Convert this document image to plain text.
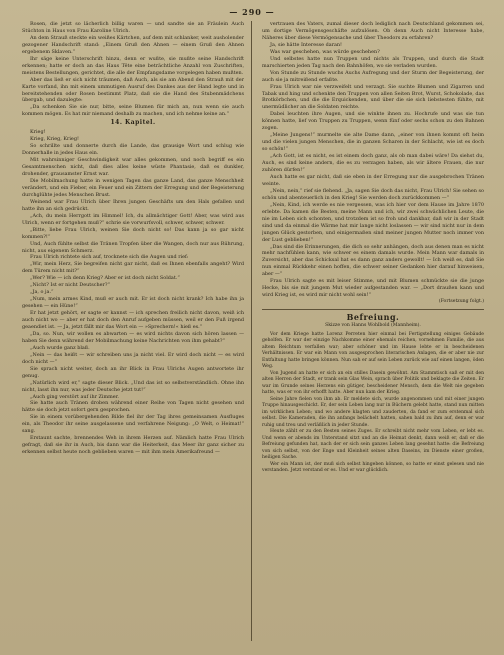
— 290 —

Rosen, die jetzt so lächerlich billig waren — und sandte sie an Fräulein Auch Stüchton in Haus von Frau Karoline Ulrich.

An dem Strauß steckte ein weißes Kärtchen, auf dem mit schlanker, weit ausholender gezogener Handschrift stand: „Einem Gruß den Ahnen — einem Gruß den Ahnen ergebenem Sklaven.“

Ihr säge keine Unterschrift hinzu, denn er wußte, sie mußte seine Handschrift erkennen; hatte er doch an das Haus Tête eine beträchtliche Anzahl von Zuschriften, meistens Bestellungen, gerichtet, die alle der Empfangsdame vorgelegen haben mußten.

Aber das ließ er sich nicht träumen, daß Auch, als sie am Abend den Strauß mit der Karte vorfand, ihn mit einem ummutigen Ausruf des Dankes aus der Hand legte und in bereitstehenden oder Rosen bestimmt Platz, daß sie die Hand des Stubenmädchens übergab, und dazulegte:

„Da schenken Sie sie nur, bitte, seine Blumen für mich an, nun wenn sie auch kommen mögen. Es hat mir niemand deshalb zu machen, und ich nehme keine an.“

14. Kapitel.

Krieg!

Krieg, Krieg, Krieg!

So schrillte und donnerte durch die Lande, das grausige Wort und schlug wie Donnerhalle in jedes Haus ein.

Mit wahrsinniger Geschwindigkeit war alles gekommen, und noch begriff es ein Gesamtmenschen nicht, daß dies alles keine wüste Phantasie, daß es dunkler, drohender, grausamster Ernst war.

Die Mobilmachung hatte in wenigen Tagen das ganze Land, das ganze Menschheit verändert, und ein Fieber, ein Feuer und ein Zittern der Erregung und der Begeisterung durchglühte jedes Menschen Brust.

Weinend war Frau Ulrich über Ihren jungen Geschäfts um den Hals gefallen und hatte ihn an sich gedrückt.

„Ach, du mein Herrgott im Himmel! Ich, du allmächtiger Gott! Aber, was wird aus Ulrich, wenn er fortgehen muß?“ schrie sie vorwurfsvoll, schwer, schwer, schwer.

„Bitte, liebe Frau Ulrich, weinen Sie doch nicht so! Das kann ja so gar nicht kommen?!“

Und, Auch fühlte selbst die Tränen Tropfen über die Wangen, doch nur aus Rührung, nicht, aus eigenem Schmerz.

Frau Ulrich richtete sich auf, trocknete sich die Augen und rief:

„Wir, mein Herz, Sie begreifen nicht gar nicht, daß es Ihnen ebenfalls angeht? Wird dem Türem nicht mit?“

„Wer? Wie — ich denn Krieg? Aber er ist doch nicht Soldat.“

„Nicht? Ist er nicht Deutscher?“

„Ja, o ja.“

„Num, mein armes Kind, muß er auch mit. Er ist doch nicht krank? Ich habe ihn ja gesehen — ein Hüne!“

Er hat jetzt gehört, er sagte er kannst — ich sprechen freilich nicht davon, weiß ich auch nicht wo — aber er hat doch den Anruf aufgeben müssen, weil er den Fuß irgend geaendiet ist. — Ja, jetzt fällt mir das Wort ein — »Sprechern!« hieß es.“

„Da, so. Nun, wir wollen es abwarten — es wird nichts davon sich hören lassen — haben Sie denn während der Mobilmachung keine Nachrichten von ihm gehabt?“

„Auch wurde ganz blaß.

„Nein — das heißt — wir schreiben uns ja nicht viel. Er wird doch nicht — es wird doch nicht —“

Sie sprach nicht weiter, doch an ihr Blick in Frau Ulrichs Augen antwortete ihr genug.

„Natürlich wird er,“ sagte dieser Blick. „Und das ist so selbstverständlich. Ohne ihn nicht, lasst ihn nur, was jeder Deutsche jetzt tut!“

„Auch ging verstört auf ihr Zimmer.

Sie hatte auch Tränen droben während einer Reihe von Tagen nicht gesehen und hätte sie doch jetzt sofort gern gesprochen.

Sie in einem vorübergehenden Bilde fiel ihr der Tag ihres gemeinsamen Ausfluges ein, als Theodor ihr seine ausgelassene und verfahrene Neigung: „O Welt, o Heimat!“ sang.

Erstaunt sachte, brennendes Weh in ihrem Herzen auf. Nämlich hatte Frau Ulrich gefragt, daß sie ihr in Auch, bis dann war die Heiterkeit, das Meer ihr ganz sicher zu erkennen selbst heute noch geblieben waren — mit ihm mein Amerikafreund —

vertrauen des Vaters, zumal dieser doch lediglich nach Deutschland gekommen sei, um dortige Vermögensgeschäfte aufzulösen. Ob denn Auch nicht Interesse habe, Näheres über diese Vermögensache und über Theodors zu erfahren?

Ja, sie hätte Interesse daran!

Was war geschehen, was würde geschehen?

Und selbstes hatte nun Truppen und nichts als Truppen, und durch die Stadt marschierten jeden Tag nach den Bahnhöfen, wo sie verladen wurden.

Von Stunde zu Stunde wuchs Auchs Aufregung und der Sturm der Begeisterung, der auch sie ja mitreißend erfaßte.

Frau Ulrich war nie verzweifelt und verzagt. Sie suchte Blumen und Zigarren und Tabak und hing und schenkte den Truppen von allen Seiten Brot, Wurst, Schokolade, das Brotkörbchen, und die die Erquickenden, und über die sie sich liebstesten fühlte, mit unermüdlicher an die Soldaten reichte.

Dabei leuchten ihre Augen, und sie winkte ihnen zu. Hochrufe und was sie tun können hatte, lief von Truppen zu Truppen, wenn fünf oder sechs schon zu den Bahnen zogen.

„Meine Jungens!“ murmelte sie alte Dame dann, „einer von ihnen kommt oft heim und die vielen jungen Menschen, die in ganzen Scharen in der Schlacht, wie ist es doch so schön!“

„Ach Gott, ist es nicht, es ist einem doch ganz, als ob man dabei wäre! Da siehst du, Auch, es sind keine andern, die es zu verzagen haben, als wir ältere Frauen, die nur zuhören dürfen!“

Auch hatte es gar nicht, daß sie eben in der Erregung nur die ausgebrochen Tränen weinte.

„Nein, nein,“ rief sie flehend. „Ja, sagen Sie doch das nicht, Frau Ulrich! Sie sehen so schön und abenteuerlich in den Krieg! Sie werden doch zurückkommen —“

„Nein, Kind, ich werde es nie vergessen, was ich hier vor dem Hause im Jahre 1870 erlebte. Da kamen die Besten, meine Mann und ich, wir zwei schwächlichen Leute, die nie im Leben sich schonten, und trotzdem ist so froh und dankbar, daß wir in der Stadt sind und da einmal die Wärme hat mir lange nicht loslassen — wir sind nicht nur in dem jungen Glück gestorben, und einigermaßen sind meiner jungen Mutter noch immer von der Lust geblieben!“

„Das sind die Erinnerungen, die dich so sehr anhängen, doch aus denen man es nicht mehr nachfühlen kann, wie schwer es einem damals wurde. Mein Mann war damals in Zuversicht, aber das Schicksal hat es dann ganz anders gewollt! — Ich weiß es, daß Sie nun einmal Rückkehr einen hoffen, die schwer seiner Gedanken hier darauf hinweisen, aber —“

Frau Ulrich sagte es mit leiser Stimme, und mit Blumen schmückte sie die junge Hecke, bis sie mit jungem Mut wieder aufgestanden war. — „Dort draußen kann und wird Krieg ist, es wird mir nicht wohl sein!“

(Fortsetzung folgt.)
Befreiung.
Skizze von Hanns Wohlbold (Mannheim).

Vor dem Kriege hatte Lorenz Perreten hier einmal bei Fertigstellung einiges Gebäude geholfen. Er war der einzige Nachkomme einer ehemals reichen, vornehmen Familie, die aus altem Reichtum verfallen war; aber schöner und im Hause lebte er in bescheidenen Verhältnissen. Er war ein Mann von ausgesprochen literarischen Anlagen, die er aber nie zur Entfaltung hatte bringen können. Nun sah er auf sein Leben zurück wie auf einen langen, öden Weg.

Von Jugend an hatte er sich an ein stilles Dasein gewöhnt. Am Stammtisch saß er mit den alten Herren der Stadt, er trank sein Glas Wein, sprach über Politik und beklagte die Zeiten. Er war im Grunde seines Herzens ein gütiger, bescheidener Mensch, dem die Welt nie gegeben hatte, was er von ihr erhofft hatte. Aber nun kam der Krieg.

Seine Jahre fielen von ihm ab. Er meldete sich, wurde angenommen und mit einer jungen Truppe hinausgeschickt. Er, der sein Leben lang nur in Büchern gelebt hatte, stand nun mitten im wirklichen Leben; und wo andere klagten und zauderten, da fand er zum erstenmal sich selbst. Die Kameraden, die ihn anfangs belächelt hatten, sahen bald zu ihm auf, denn er war ruhig und treu und verläßlich in jeder Stunde.

Heute zählt er zu den Besten seines Zuges. Er schreibt nicht mehr vom Leben, er lebt es. Und wenn er abends im Unterstand sitzt und an die Heimat denkt, dann weiß er, daß er die Befreiung gefunden hat, nach der er sich sein ganzes Leben lang gesehnt hatte: die Befreiung von sich selbst, von der Enge und Kleinheit seines alten Daseins, im Dienste einer großen, heiligen Sache.

Wer ein Mann ist, der muß sich selbst hingeben können, so hatte er einst gelesen und nie verstanden. Jetzt verstand er es. Und er war glücklich.
